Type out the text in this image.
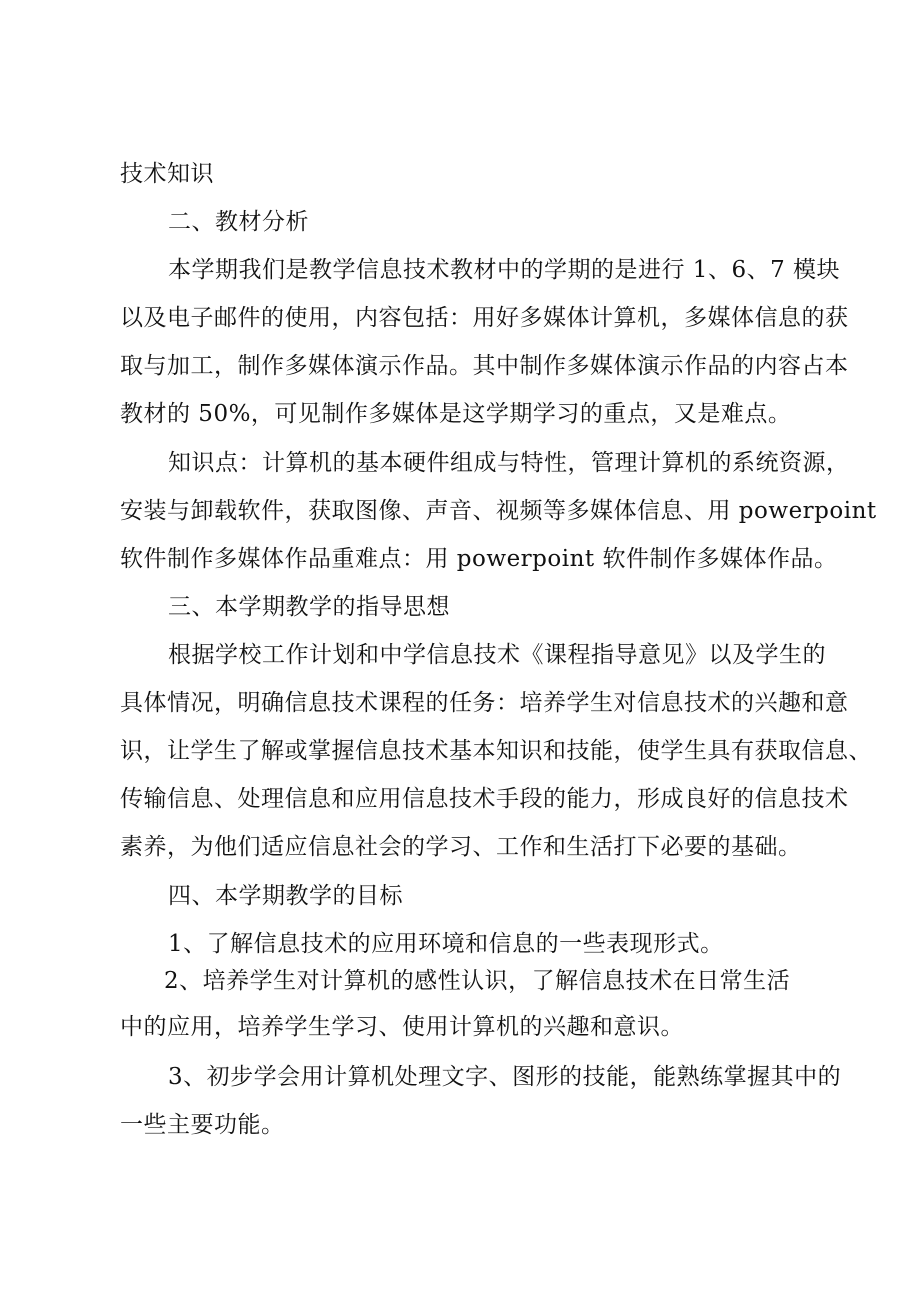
技术知识
二、教材分析
本学期我们是教学信息技术教材中的学期的是进行 1、6、7 模块
以及电子邮件的使用，内容包括：用好多媒体计算机，多媒体信息的获
取与加工，制作多媒体演示作品。其中制作多媒体演示作品的内容占本
教材的 50%，可见制作多媒体是这学期学习的重点，又是难点。
知识点：计算机的基本硬件组成与特性，管理计算机的系统资源，
安装与卸载软件，获取图像、声音、视频等多媒体信息、用 powerpoint
软件制作多媒体作品重难点：用 powerpoint 软件制作多媒体作品。
三、本学期教学的指导思想
根据学校工作计划和中学信息技术《课程指导意见》以及学生的
具体情况，明确信息技术课程的任务：培养学生对信息技术的兴趣和意
识，让学生了解或掌握信息技术基本知识和技能，使学生具有获取信息、
传输信息、处理信息和应用信息技术手段的能力，形成良好的信息技术
素养，为他们适应信息社会的学习、工作和生活打下必要的基础。
四、本学期教学的目标
1、了解信息技术的应用环境和信息的一些表现形式。
2、培养学生对计算机的感性认识，了解信息技术在日常生活
中的应用，培养学生学习、使用计算机的兴趣和意识。
3、初步学会用计算机处理文字、图形的技能，能熟练掌握其中的
一些主要功能。
